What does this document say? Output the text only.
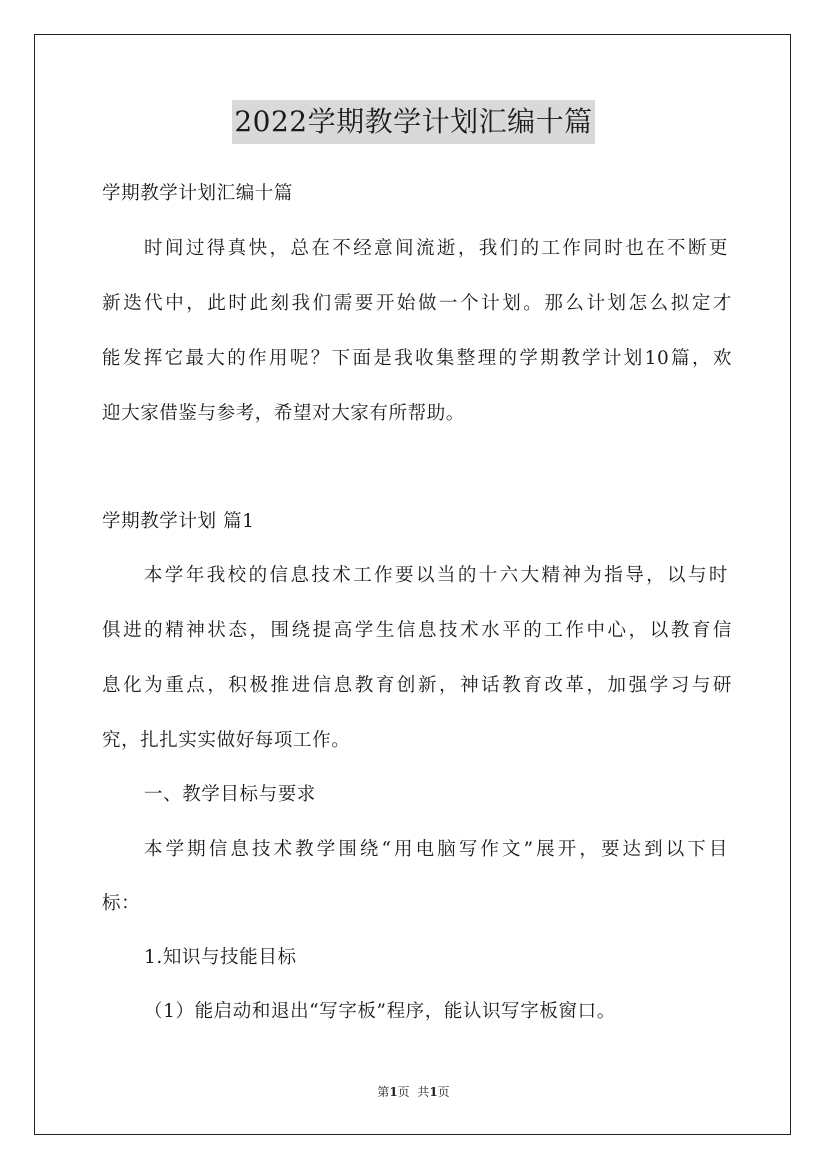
2022学期教学计划汇编十篇
学期教学计划汇编十篇
时间过得真快，总在不经意间流逝，我们的工作同时也在不断更
新迭代中，此时此刻我们需要开始做一个计划。那么计划怎么拟定才
能发挥它最大的作用呢？下面是我收集整理的学期教学计划10篇，欢
迎大家借鉴与参考，希望对大家有所帮助。
学期教学计划 篇1
本学年我校的信息技术工作要以当的十六大精神为指导，以与时
俱进的精神状态，围绕提高学生信息技术水平的工作中心，以教育信
息化为重点，积极推进信息教育创新，神话教育改革，加强学习与研
究，扎扎实实做好每项工作。
一、教学目标与要求
本学期信息技术教学围绕“用电脑写作文”展开，要达到以下目
标：
1.知识与技能目标
（1）能启动和退出“写字板”程序，能认识写字板窗口。
第1页  共1页
